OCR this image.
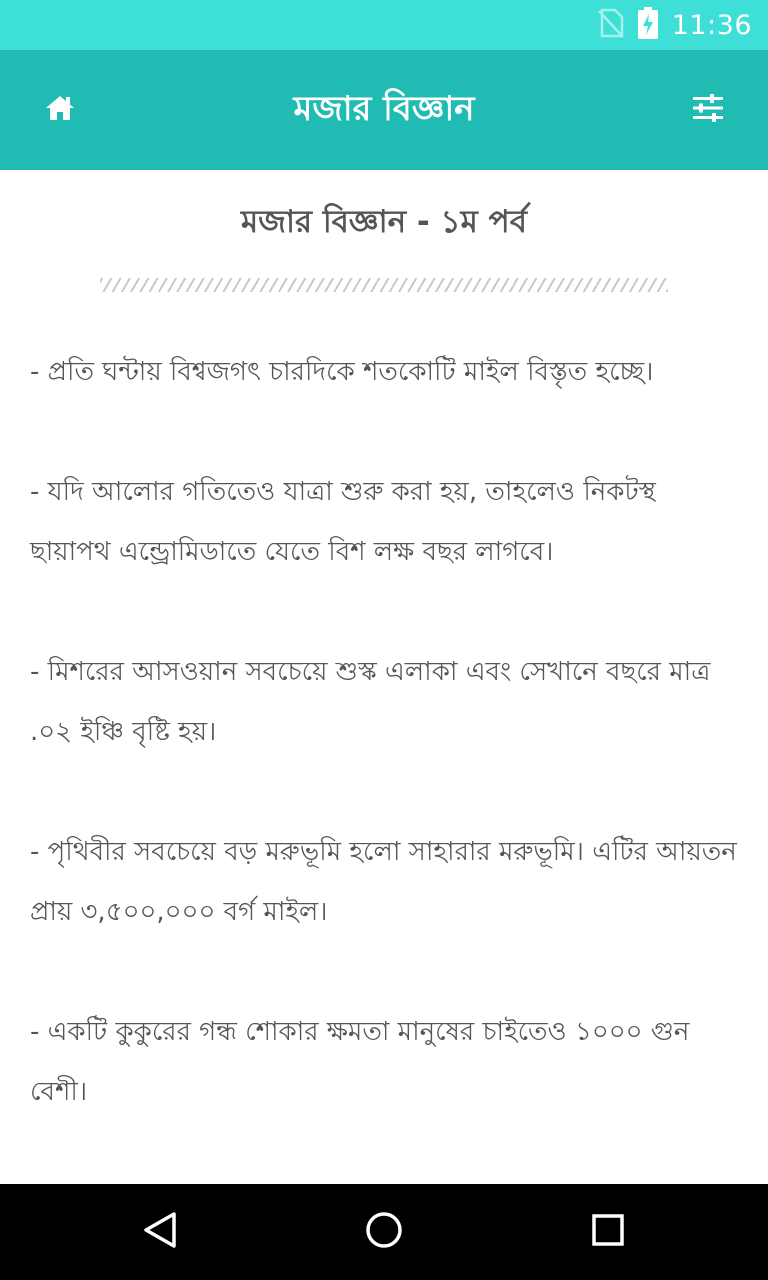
11:36
মজার বিজ্ঞান
মজার বিজ্ঞান - ১ম পর্ব

- প্রতি ঘন্টায় বিশ্বজগৎ চারদিকে শতকোটি মাইল বিস্তৃত হচ্ছে।

- যদি আলোর গতিতেও যাত্রা শুরু করা হয়, তাহলেও নিকটস্থ ছায়াপথ এন্ড্রোমিডাতে যেতে বিশ লক্ষ বছর লাগবে।

- মিশরের আসওয়ান সবচেয়ে শুস্ক এলাকা এবং সেখানে বছরে মাত্র .০২ ইঞ্চি বৃষ্টি হয়।

- পৃথিবীর সবচেয়ে বড় মরুভূমি হলো সাহারার মরুভূমি। এটির আয়তন প্রায় ৩,৫০০,০০০ বর্গ মাইল।

- একটি কুকুরের গন্ধ শোকার ক্ষমতা মানুষের চাইতেও ১০০০ গুন বেশী।
